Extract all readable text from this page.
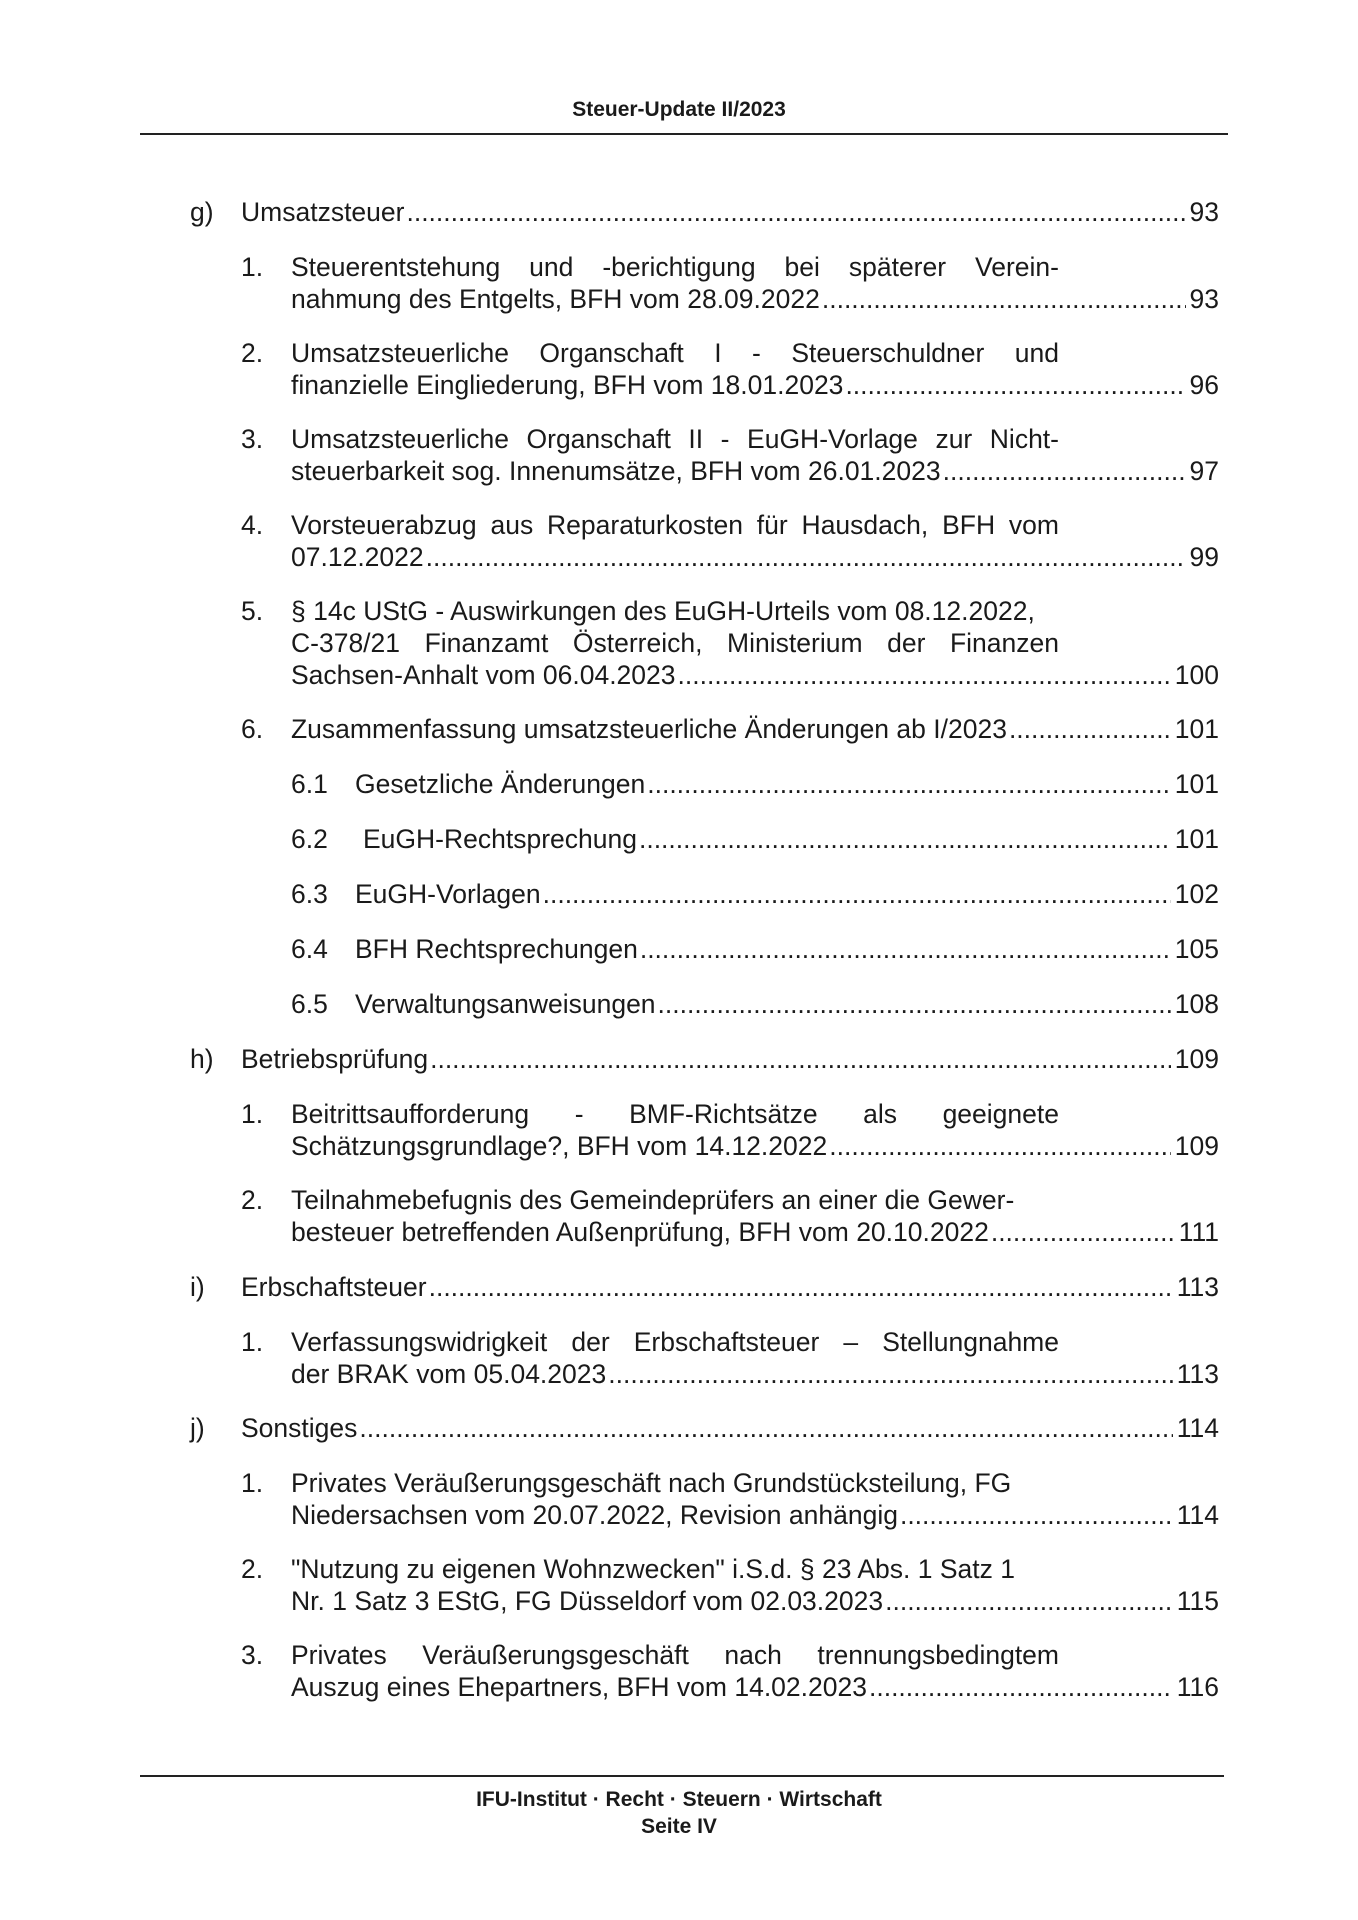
Steuer-Update II/2023
g) Umsatzsteuer .....	93
1. Steuerentstehung und -berichtigung bei späterer Verein-
nahmung des Entgelts, BFH vom 28.09.2022 .....	93
2. Umsatzsteuerliche Organschaft I - Steuerschuldner und
finanzielle Eingliederung, BFH vom 18.01.2023 .....	96
3. Umsatzsteuerliche Organschaft II - EuGH-Vorlage zur Nicht-
steuerbarkeit sog. Innenumsätze, BFH vom 26.01.2023 .....	97
4. Vorsteuerabzug aus Reparaturkosten für Hausdach, BFH vom
07.12.2022 .....	99
5. § 14c UStG - Auswirkungen des EuGH-Urteils vom 08.12.2022,
C-378/21 Finanzamt Österreich, Ministerium der Finanzen
Sachsen-Anhalt vom 06.04.2023 .....	100
6. Zusammenfassung umsatzsteuerliche Änderungen ab I/2023 .....	101
6.1 Gesetzliche Änderungen .....	101
6.2 EuGH-Rechtsprechung .....	101
6.3 EuGH-Vorlagen .....	102
6.4 BFH Rechtsprechungen .....	105
6.5 Verwaltungsanweisungen .....	108
h) Betriebsprüfung .....	109
1. Beitrittsaufforderung - BMF-Richtsätze als geeignete
Schätzungsgrundlage?, BFH vom 14.12.2022 .....	109
2. Teilnahmebefugnis des Gemeindeprüfers an einer die Gewer-
besteuer betreffenden Außenprüfung, BFH vom 20.10.2022 .....	111
i) Erbschaftsteuer .....	113
1. Verfassungswidrigkeit der Erbschaftsteuer – Stellungnahme
der BRAK vom 05.04.2023 .....	113
j) Sonstiges .....	114
1. Privates Veräußerungsgeschäft nach Grundstücksteilung, FG
Niedersachsen vom 20.07.2022, Revision anhängig .....	114
2. "Nutzung zu eigenen Wohnzwecken" i.S.d. § 23 Abs. 1 Satz 1
Nr. 1 Satz 3 EStG, FG Düsseldorf vom 02.03.2023 .....	115
3. Privates Veräußerungsgeschäft nach trennungsbedingtem
Auszug eines Ehepartners, BFH vom 14.02.2023 .....	116
IFU-Institut · Recht · Steuern · Wirtschaft
Seite IV
